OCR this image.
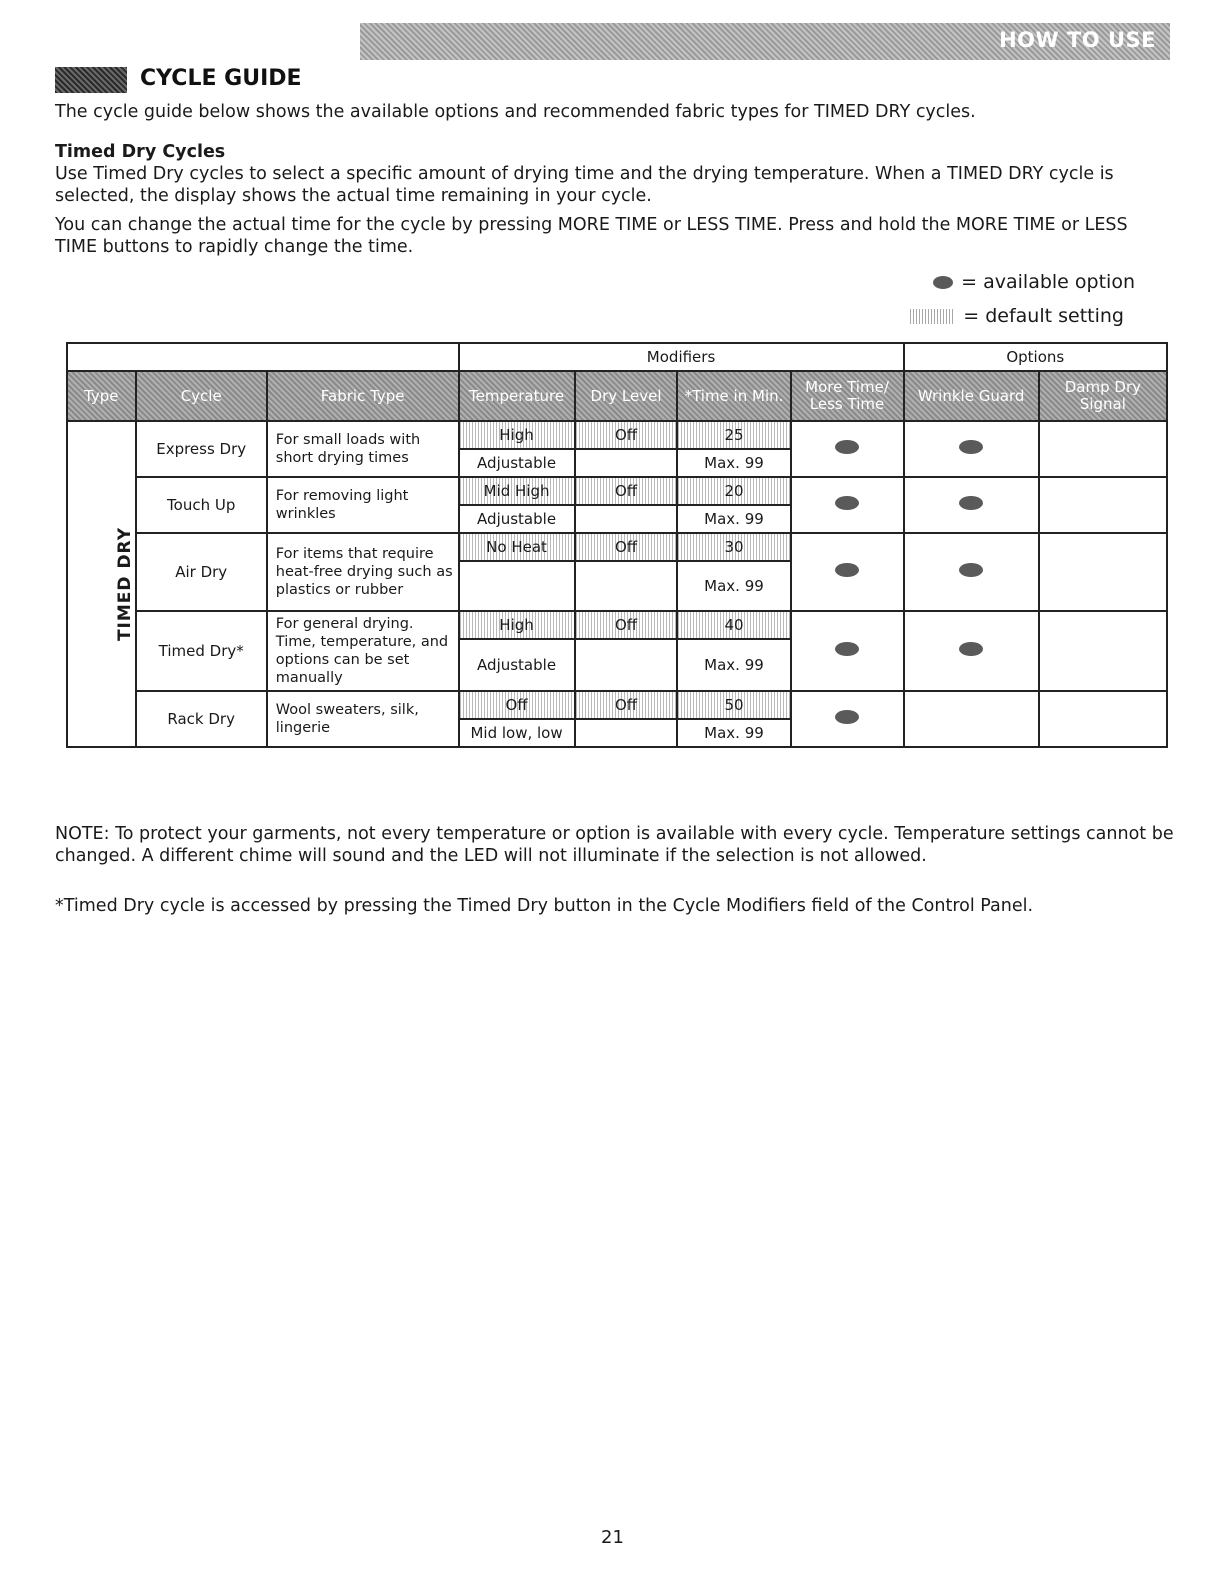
HOW TO USE
CYCLE GUIDE
The cycle guide below shows the available options and recommended fabric types for TIMED DRY cycles.
Timed Dry Cycles
Use Timed Dry cycles to select a specific amount of drying time and the drying temperature. When a TIMED DRY cycle is selected, the display shows the actual time remaining in your cycle.
You can change the actual time for the cycle by pressing MORE TIME or LESS TIME. Press and hold the MORE TIME or LESS TIME buttons to rapidly change the time.
= available option
= default setting
			Modifiers				Options	
Type	Cycle	Fabric Type	Temperature	Dry Level	*Time in Min.	More Time/ Less Time	Wrinkle Guard	Damp Dry Signal
TIMED DRY	Express Dry	For small loads with short drying times	High	Off	25			
			Adjustable		Max. 99			
	Touch Up	For removing light wrinkles	Mid High	Off	20			
			Adjustable		Max. 99			
	Air Dry	For items that require heat-free drying such as plastics or rubber	No Heat	Off	30			
					Max. 99			
	Timed Dry*	For general drying. Time, temperature, and options can be set manually	High	Off	40			
			Adjustable		Max. 99			
	Rack Dry	Wool sweaters, silk, lingerie	Off	Off	50			
			Mid low, low		Max. 99			
NOTE: To protect your garments, not every temperature or option is available with every cycle. Temperature settings cannot be changed. A different chime will sound and the LED will not illuminate if the selection is not allowed.
*Timed Dry cycle is accessed by pressing the Timed Dry button in the Cycle Modifiers field of the Control Panel.
21
